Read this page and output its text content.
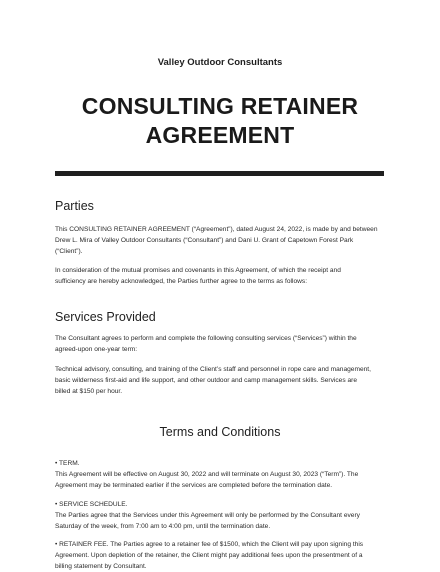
Valley Outdoor Consultants
CONSULTING RETAINER
AGREEMENT
Parties
This CONSULTING RETAINER AGREEMENT (“Agreement”), dated August 24, 2022, is made by and between
Drew L. Mira of Valley Outdoor Consultants (“Consultant”) and Dani U. Grant of Capetown Forest Park
(“Client”).
In consideration of the mutual promises and covenants in this Agreement, of which the receipt and
sufficiency are hereby acknowledged, the Parties further agree to the terms as follows:
Services Provided
The Consultant agrees to perform and complete the following consulting services (“Services”) within the
agreed-upon one-year term:
Technical advisory, consulting, and training of the Client’s staff and personnel in rope care and management,
basic wilderness first-aid and life support, and other outdoor and camp management skills. Services are
billed at $150 per hour.
Terms and Conditions
• TERM.
This Agreement will be effective on August 30, 2022 and will terminate on August 30, 2023 (“Term”). The
Agreement may be terminated earlier if the services are completed before the termination date.
• SERVICE SCHEDULE.
The Parties agree that the Services under this Agreement will only be performed by the Consultant every
Saturday of the week, from 7:00 am to 4:00 pm, until the termination date.
• RETAINER FEE. The Parties agree to a retainer fee of $1500, which the Client will pay upon signing this
Agreement. Upon depletion of the retainer, the Client might pay additional fees upon the presentment of a
billing statement by Consultant.
